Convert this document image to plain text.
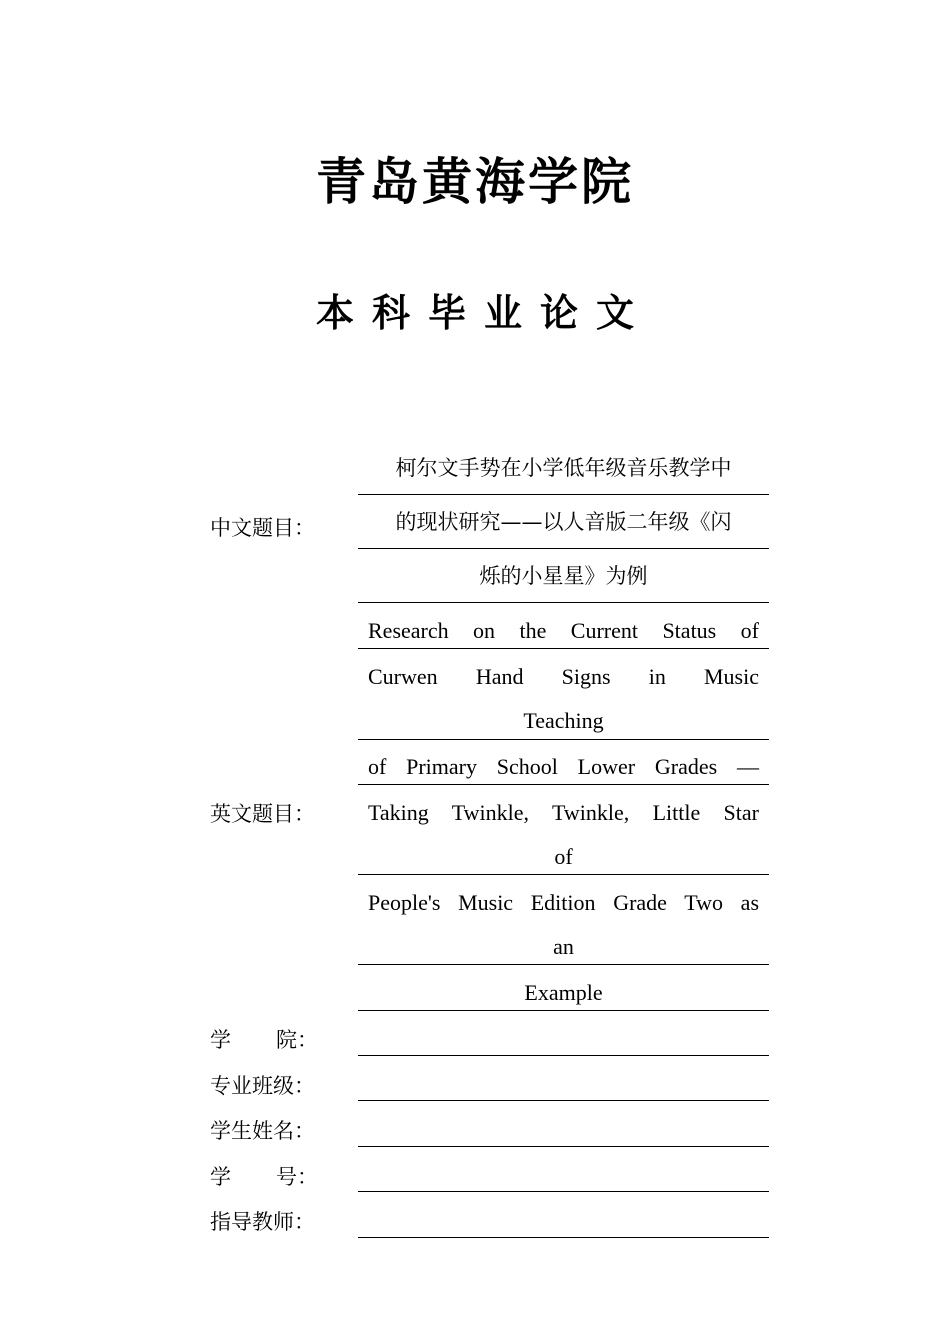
青岛黄海学院
本科毕业论文
中文题目：
柯尔文手势在小学低年级音乐教学中
的现状研究——以人音版二年级《闪
烁的小星星》为例
英文题目：
Research on the Current Status of
Curwen Hand Signs in Music
Teaching
of Primary School Lower Grades —
Taking Twinkle, Twinkle, Little Star
of
People's Music Edition Grade Two as
an
Example
学 院：
专业班级：
学生姓名：
学 号：
指导教师：
